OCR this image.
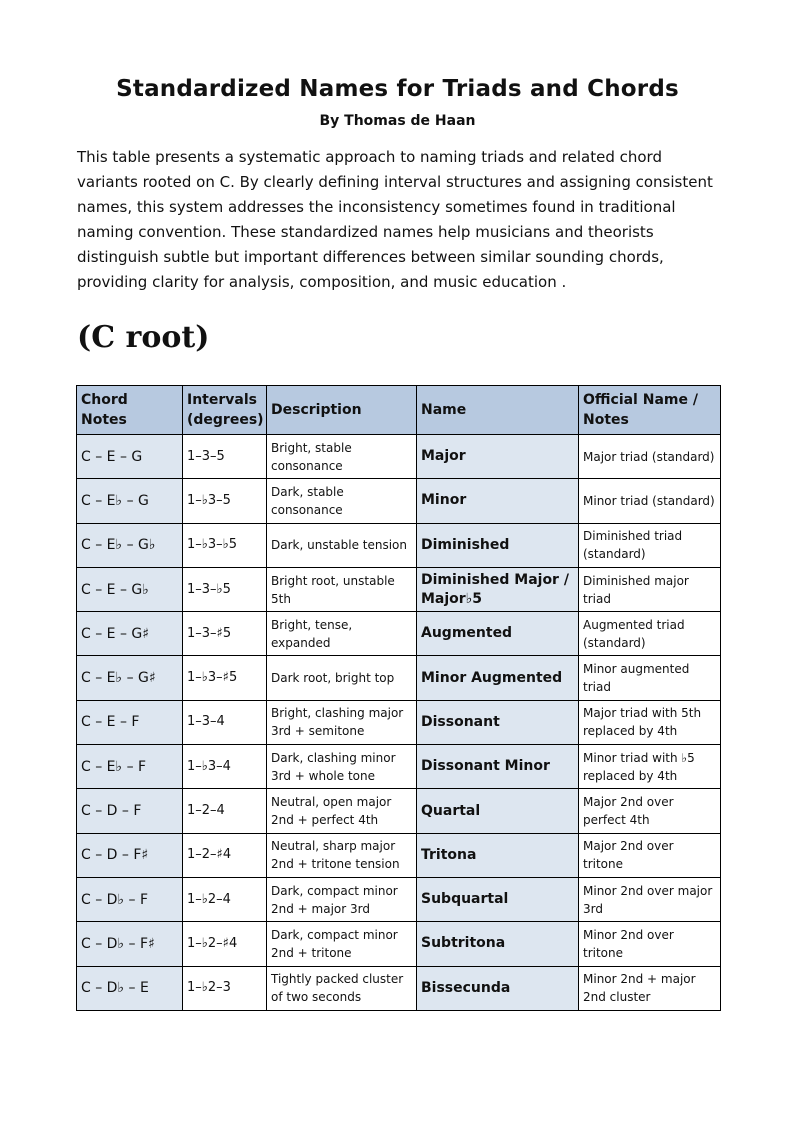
Standardized Names for Triads and Chords

By Thomas de Haan

This table presents a systematic approach to naming triads and related chord variants rooted on C. By clearly defining interval structures and assigning consistent names, this system addresses the inconsistency sometimes found in traditional naming convention. These standardized names help musicians and theorists distinguish subtle but important differences between similar sounding chords, providing clarity for analysis, composition, and music education .

(C root)
Chord Notes	Intervals (degrees)	Description	Name	Official Name / Notes
C – E – G	1–3–5	Bright, stable consonance	Major	Major triad (standard)
C – E♭ – G	1–♭3–5	Dark, stable consonance	Minor	Minor triad (standard)
C – E♭ – G♭	1–♭3–♭5	Dark, unstable tension	Diminished	Diminished triad (standard)
C – E – G♭	1–3–♭5	Bright root, unstable 5th	Diminished Major / Major♭5	Diminished major triad
C – E – G♯	1–3–♯5	Bright, tense, expanded	Augmented	Augmented triad (standard)
C – E♭ – G♯	1–♭3–♯5	Dark root, bright top	Minor Augmented	Minor augmented triad
C – E – F	1–3–4	Bright, clashing major 3rd + semitone	Dissonant	Major triad with 5th replaced by 4th
C – E♭ – F	1–♭3–4	Dark, clashing minor 3rd + whole tone	Dissonant Minor	Minor triad with ♭5 replaced by 4th
C – D – F	1–2–4	Neutral, open major 2nd + perfect 4th	Quartal	Major 2nd over perfect 4th
C – D – F♯	1–2–♯4	Neutral, sharp major 2nd + tritone tension	Tritona	Major 2nd over tritone
C – D♭ – F	1–♭2–4	Dark, compact minor 2nd + major 3rd	Subquartal	Minor 2nd over major 3rd
C – D♭ – F♯	1–♭2–♯4	Dark, compact minor 2nd + tritone	Subtritona	Minor 2nd over tritone
C – D♭ – E	1–♭2–3	Tightly packed cluster of two seconds	Bissecunda	Minor 2nd + major 2nd cluster
